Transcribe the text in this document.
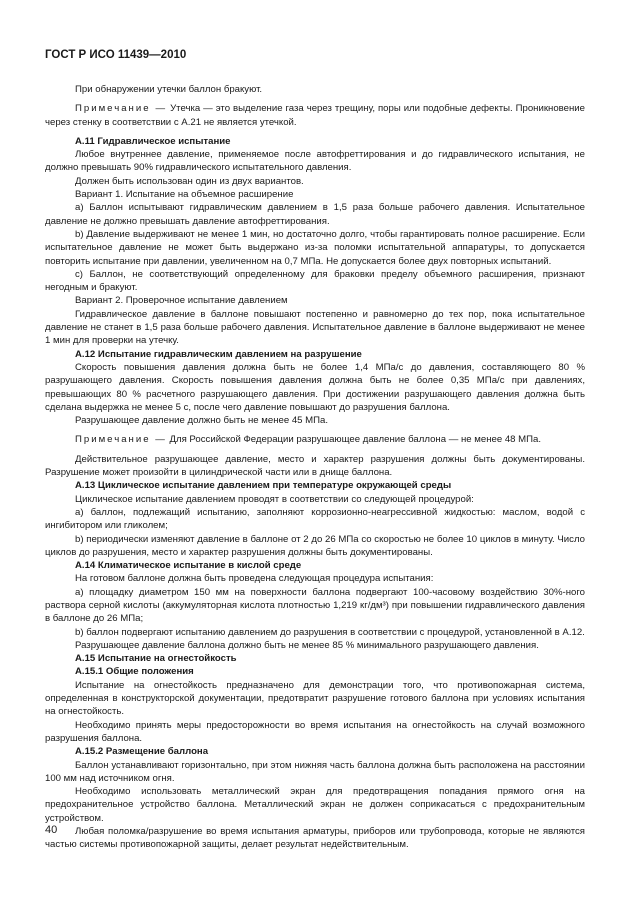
ГОСТ Р ИСО 11439—2010

При обнаружении утечки баллон бракуют.

Примечание — Утечка — это выделение газа через трещину, поры или подобные дефекты. Проникновение через стенку в соответствии с А.21 не является утечкой.

А.11 Гидравлическое испытание

Любое внутреннее давление, применяемое после автофреттирования и до гидравлического испытания, не должно превышать 90% гидравлического испытательного давления.

Должен быть использован один из двух вариантов.

Вариант 1. Испытание на объемное расширение

а) Баллон испытывают гидравлическим давлением в 1,5 раза больше рабочего давления. Испытательное давление не должно превышать давление автофреттирования.

b) Давление выдерживают не менее 1 мин, но достаточно долго, чтобы гарантировать полное расширение. Если испытательное давление не может быть выдержано из-за поломки испытательной аппаратуры, то допускается повторить испытание при давлении, увеличенном на 0,7 МПа. Не допускается более двух повторных испытаний.

с) Баллон, не соответствующий определенному для браковки пределу объемного расширения, признают негодным и бракуют.

Вариант 2. Проверочное испытание давлением

Гидравлическое давление в баллоне повышают постепенно и равномерно до тех пор, пока испытательное давление не станет в 1,5 раза больше рабочего давления. Испытательное давление в баллоне выдерживают не менее 1 мин для проверки на утечку.

А.12 Испытание гидравлическим давлением на разрушение

Скорость повышения давления должна быть не более 1,4 МПа/с до давления, составляющего 80 % разрушающего давления. Скорость повышения давления должна быть не более 0,35 МПа/с при давлениях, превышающих 80 % расчетного разрушающего давления. При достижении разрушающего давления должна быть сделана выдержка не менее 5 с, после чего давление повышают до разрушения баллона.

Разрушающее давление должно быть не менее 45 МПа.

Примечание — Для Российской Федерации разрушающее давление баллона — не менее 48 МПа.

Действительное разрушающее давление, место и характер разрушения должны быть документированы. Разрушение может произойти в цилиндрической части или в днище баллона.

А.13 Циклическое испытание давлением при температуре окружающей среды

Циклическое испытание давлением проводят в соответствии со следующей процедурой:

а) баллон, подлежащий испытанию, заполняют коррозионно-неагрессивной жидкостью: маслом, водой с ингибитором или гликолем;

b) периодически изменяют давление в баллоне от 2 до 26 МПа со скоростью не более 10 циклов в минуту. Число циклов до разрушения, место и характер разрушения должны быть документированы.

А.14 Климатическое испытание в кислой среде

На готовом баллоне должна быть проведена следующая процедура испытания:

а) площадку диаметром 150 мм на поверхности баллона подвергают 100-часовому воздействию 30%-ного раствора серной кислоты (аккумуляторная кислота плотностью 1,219 кг/дм³) при повышении гидравлического давления в баллоне до 26 МПа;

b) баллон подвергают испытанию давлением до разрушения в соответствии с процедурой, установленной в А.12.

Разрушающее давление баллона должно быть не менее 85 % минимального разрушающего давления.

А.15 Испытание на огнестойкость

А.15.1 Общие положения

Испытание на огнестойкость предназначено для демонстрации того, что противопожарная система, определенная в конструкторской документации, предотвратит разрушение готового баллона при условиях испытания на огнестойкость.

Необходимо принять меры предосторожности во время испытания на огнестойкость на случай возможного разрушения баллона.

А.15.2 Размещение баллона

Баллон устанавливают горизонтально, при этом нижняя часть баллона должна быть расположена на расстоянии 100 мм над источником огня.

Необходимо использовать металлический экран для предотвращения попадания прямого огня на предохранительное устройство баллона. Металлический экран не должен соприкасаться с предохранительным устройством.

Любая поломка/разрушение во время испытания арматуры, приборов или трубопровода, которые не являются частью системы противопожарной защиты, делает результат недействительным.

40
